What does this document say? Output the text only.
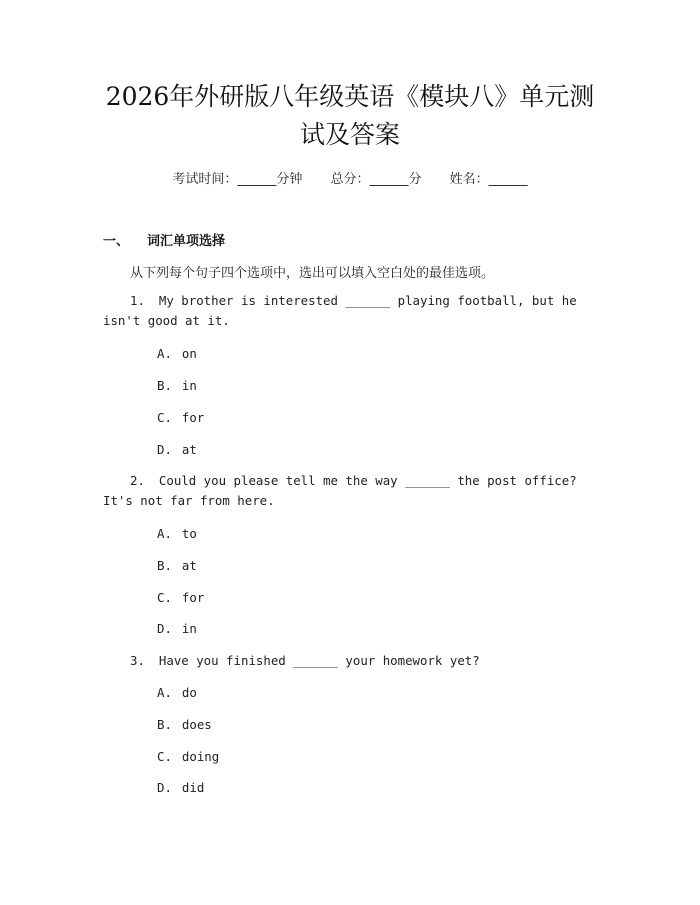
2026年外研版八年级英语《模块八》单元测
试及答案
考试时间：______分钟 总分：______分 姓名：______
一、 词汇单项选择
从下列每个句子四个选项中，选出可以填入空白处的最佳选项。
1. My brother is interested ______ playing football, but he isn't good at it.
A. on
B. in
C. for
D. at
2. Could you please tell me the way ______ the post office? It's not far from here.
A. to
B. at
C. for
D. in
3. Have you finished ______ your homework yet?
A. do
B. does
C. doing
D. did
